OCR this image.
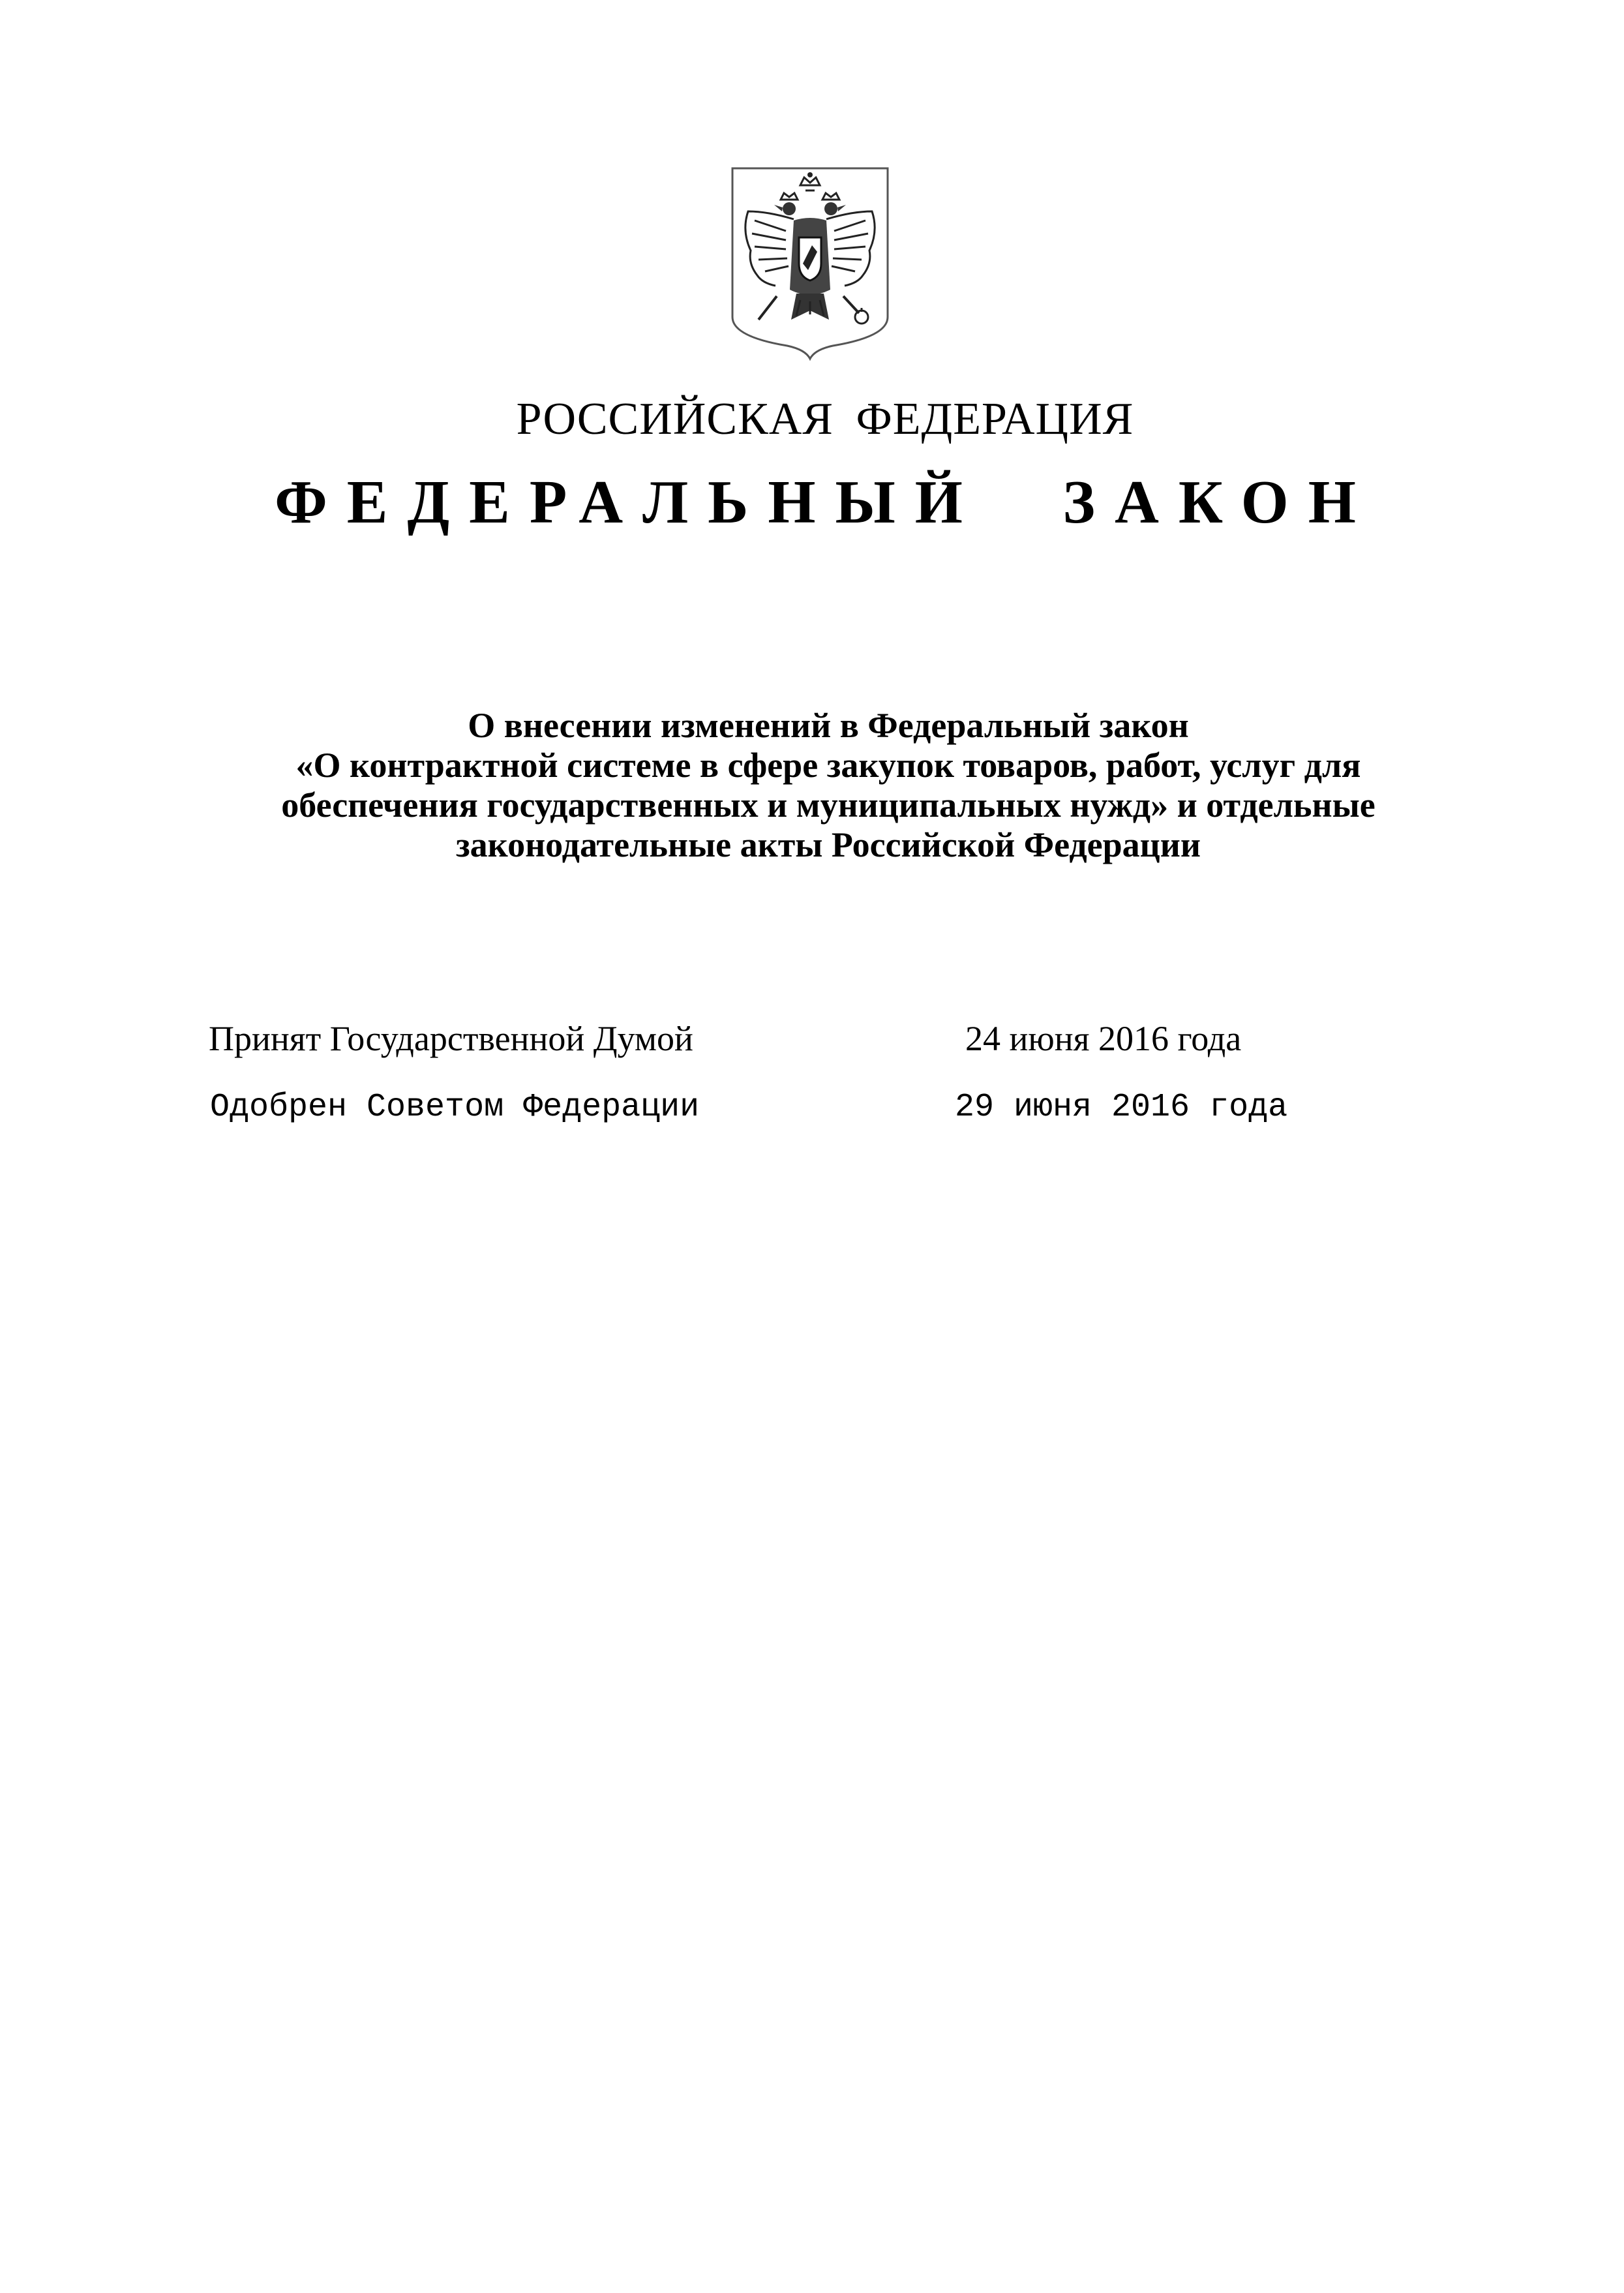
РОССИЙСКАЯ ФЕДЕРАЦИЯ
ФЕДЕРАЛЬНЫЙ ЗАКОН
О внесении изменений в Федеральный закон
«О контрактной системе в сфере закупок товаров, работ, услуг для
обеспечения государственных и муниципальных нужд» и отдельные
законодательные акты Российской Федерации
Принят Государственной Думой	24 июня 2016 года
Одобрен Советом Федерации	29 июня 2016 года
